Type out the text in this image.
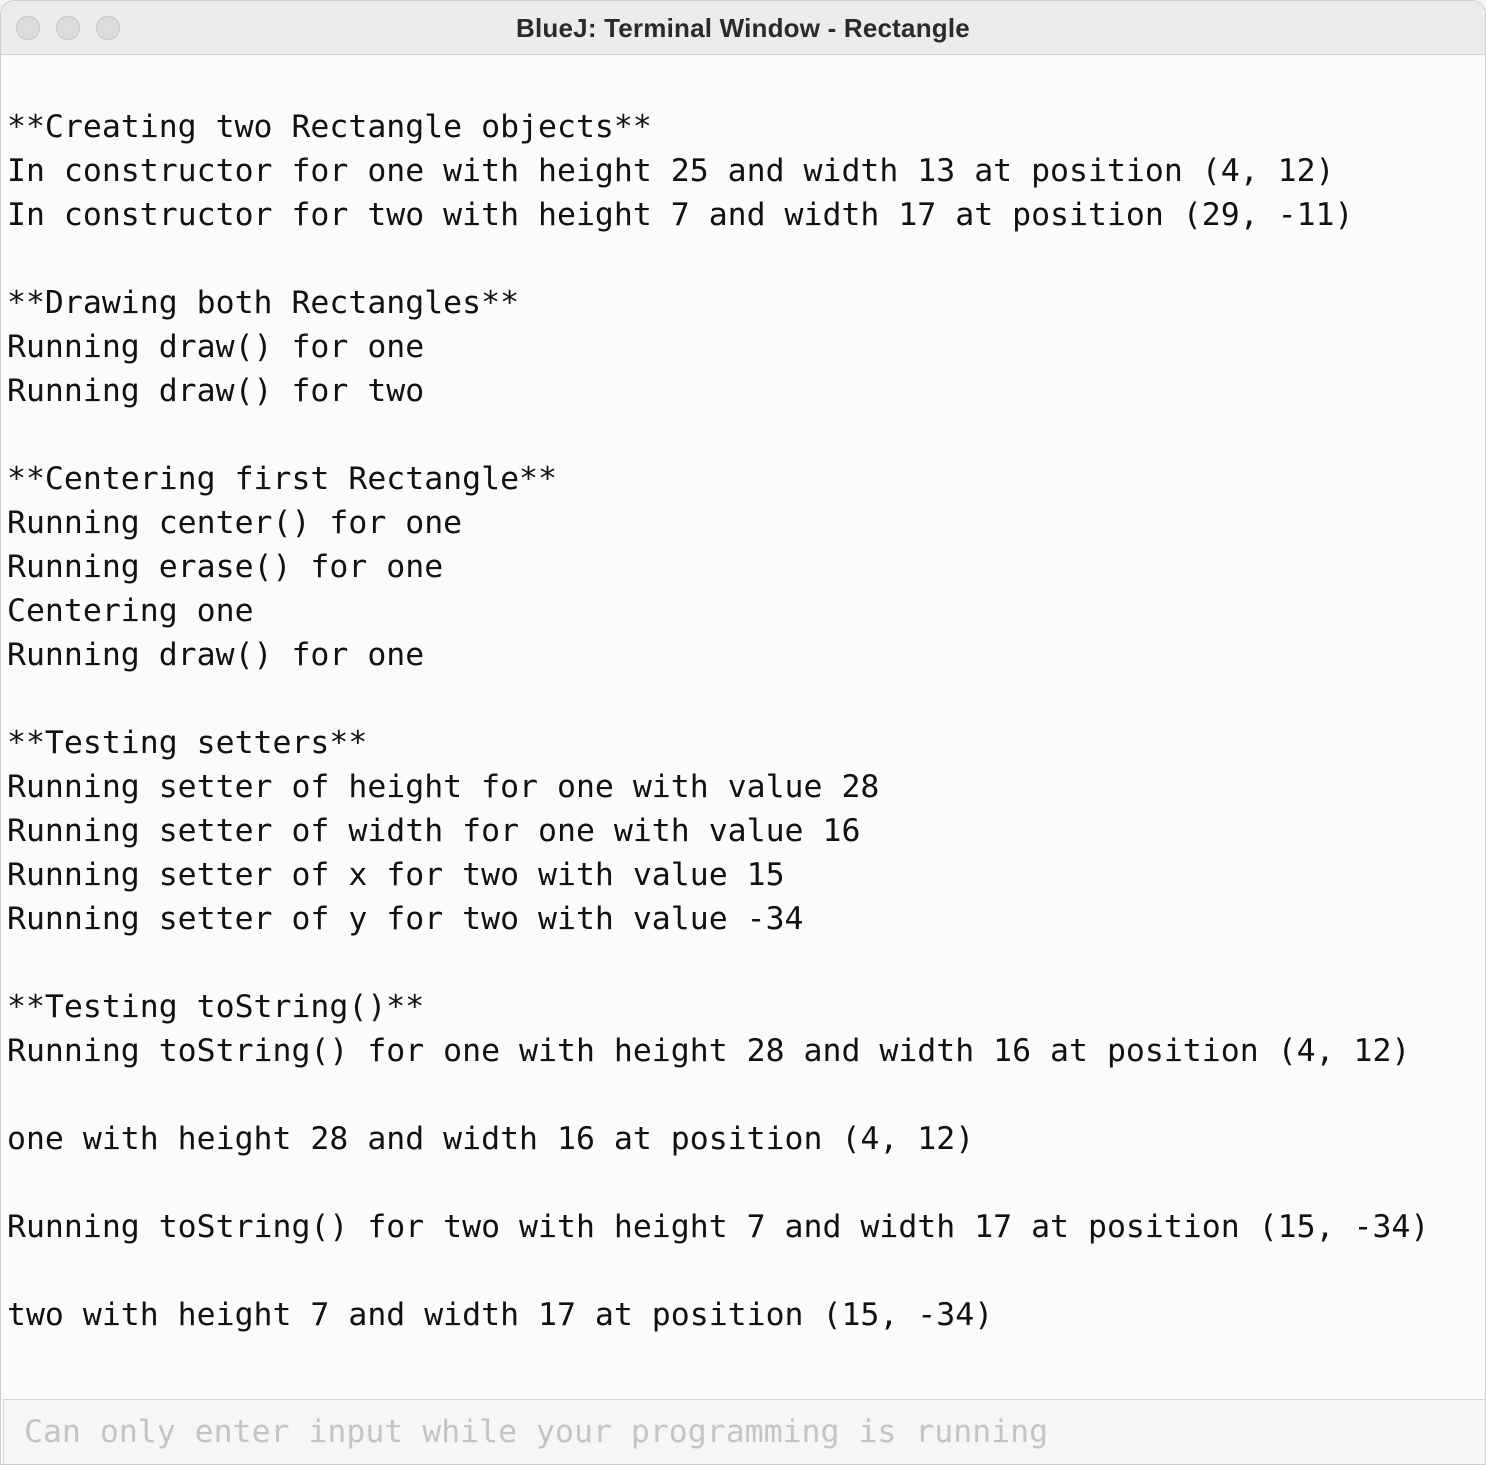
BlueJ: Terminal Window - Rectangle
**Creating two Rectangle objects**
In constructor for one with height 25 and width 13 at position (4, 12)
In constructor for two with height 7 and width 17 at position (29, -11)
**Drawing both Rectangles**
Running draw() for one
Running draw() for two
**Centering first Rectangle**
Running center() for one
Running erase() for one
Centering one
Running draw() for one
**Testing setters**
Running setter of height for one with value 28
Running setter of width for one with value 16
Running setter of x for two with value 15
Running setter of y for two with value -34
**Testing toString()**
Running toString() for one with height 28 and width 16 at position (4, 12)
one with height 28 and width 16 at position (4, 12)
Running toString() for two with height 7 and width 17 at position (15, -34)
two with height 7 and width 17 at position (15, -34)
Can only enter input while your programming is running
